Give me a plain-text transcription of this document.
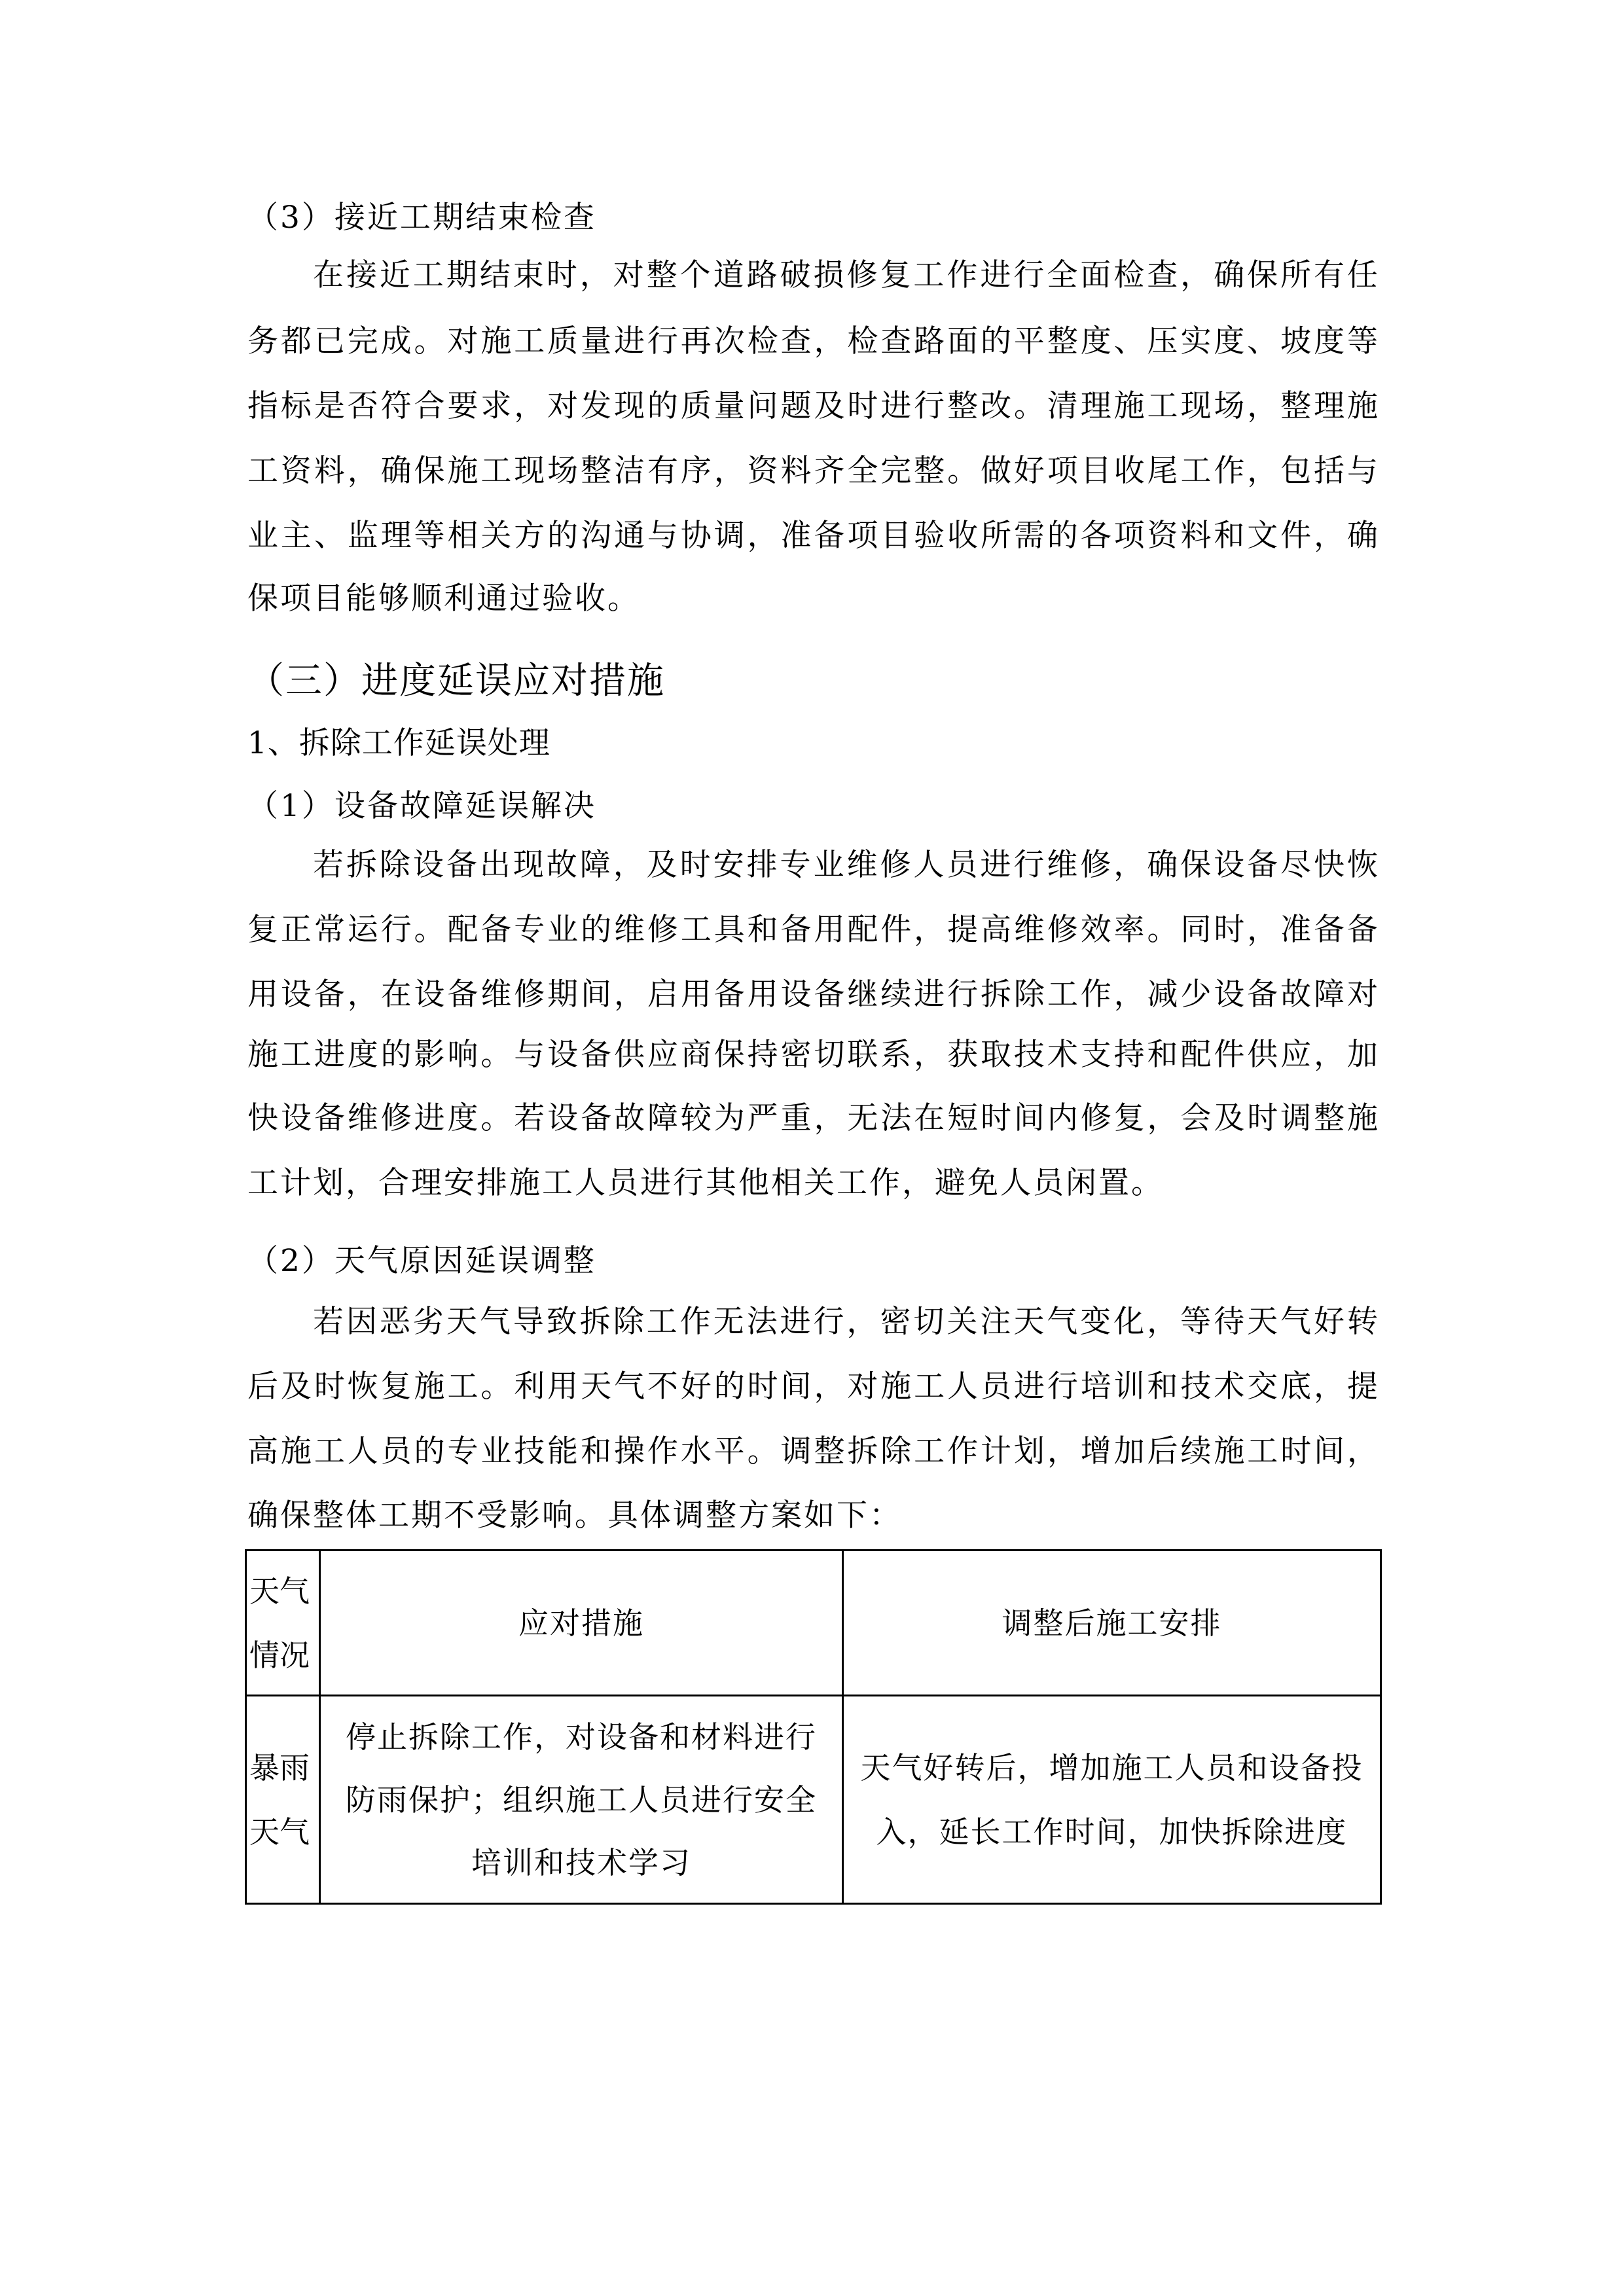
（3）接近工期结束检查
在接近工期结束时，对整个道路破损修复工作进行全面检查，确保所有任
务都已完成。对施工质量进行再次检查，检查路面的平整度、压实度、坡度等
指标是否符合要求，对发现的质量问题及时进行整改。清理施工现场，整理施
工资料，确保施工现场整洁有序，资料齐全完整。做好项目收尾工作，包括与
业主、监理等相关方的沟通与协调，准备项目验收所需的各项资料和文件，确
保项目能够顺利通过验收。
（三）进度延误应对措施
1、拆除工作延误处理
（1）设备故障延误解决
若拆除设备出现故障，及时安排专业维修人员进行维修，确保设备尽快恢
复正常运行。配备专业的维修工具和备用配件，提高维修效率。同时，准备备
用设备，在设备维修期间，启用备用设备继续进行拆除工作，减少设备故障对
施工进度的影响。与设备供应商保持密切联系，获取技术支持和配件供应，加
快设备维修进度。若设备故障较为严重，无法在短时间内修复，会及时调整施
工计划，合理安排施工人员进行其他相关工作，避免人员闲置。
（2）天气原因延误调整
若因恶劣天气导致拆除工作无法进行，密切关注天气变化，等待天气好转
后及时恢复施工。利用天气不好的时间，对施工人员进行培训和技术交底，提
高施工人员的专业技能和操作水平。调整拆除工作计划，增加后续施工时间，
确保整体工期不受影响。具体调整方案如下：
天气
情况	应对措施	调整后施工安排

暴雨
天气	停止拆除工作，对设备和材料进行
防雨保护；组织施工人员进行安全
培训和技术学习	天气好转后，增加施工人员和设备投
入，延长工作时间，加快拆除进度
